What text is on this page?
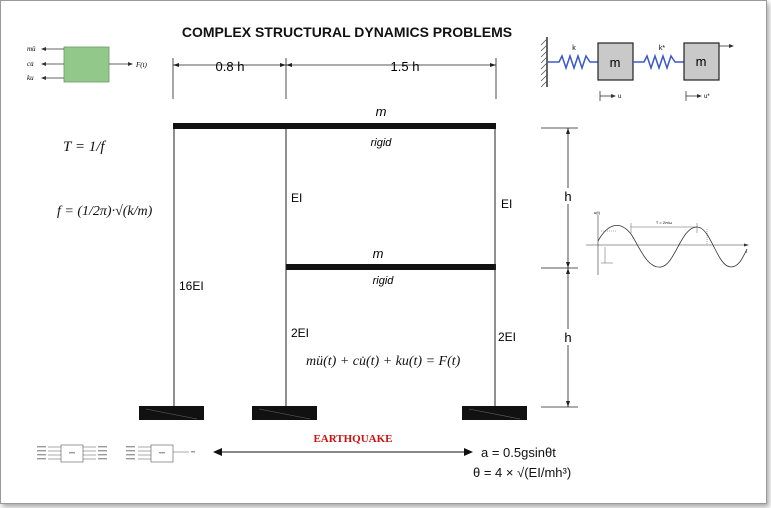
COMPLEX STRUCTURAL DYNAMICS PROBLEMS
mü
cu̇
ku
F(t)
T = 1/f
f = (1/2π)·√(k/m)
0.8 h	1.5 h
m
rigid
m
rigid
16EI
EI	EI
2EI	2EI
h
h
mü(t) + cu̇(t) + ku(t) = F(t)
k
m
k*
m
u	u*
u(t)
t
T = 2π/ω
EARTHQUAKE
a = 0.5gsinθt
θ = 4 × √(EI/mh³)
